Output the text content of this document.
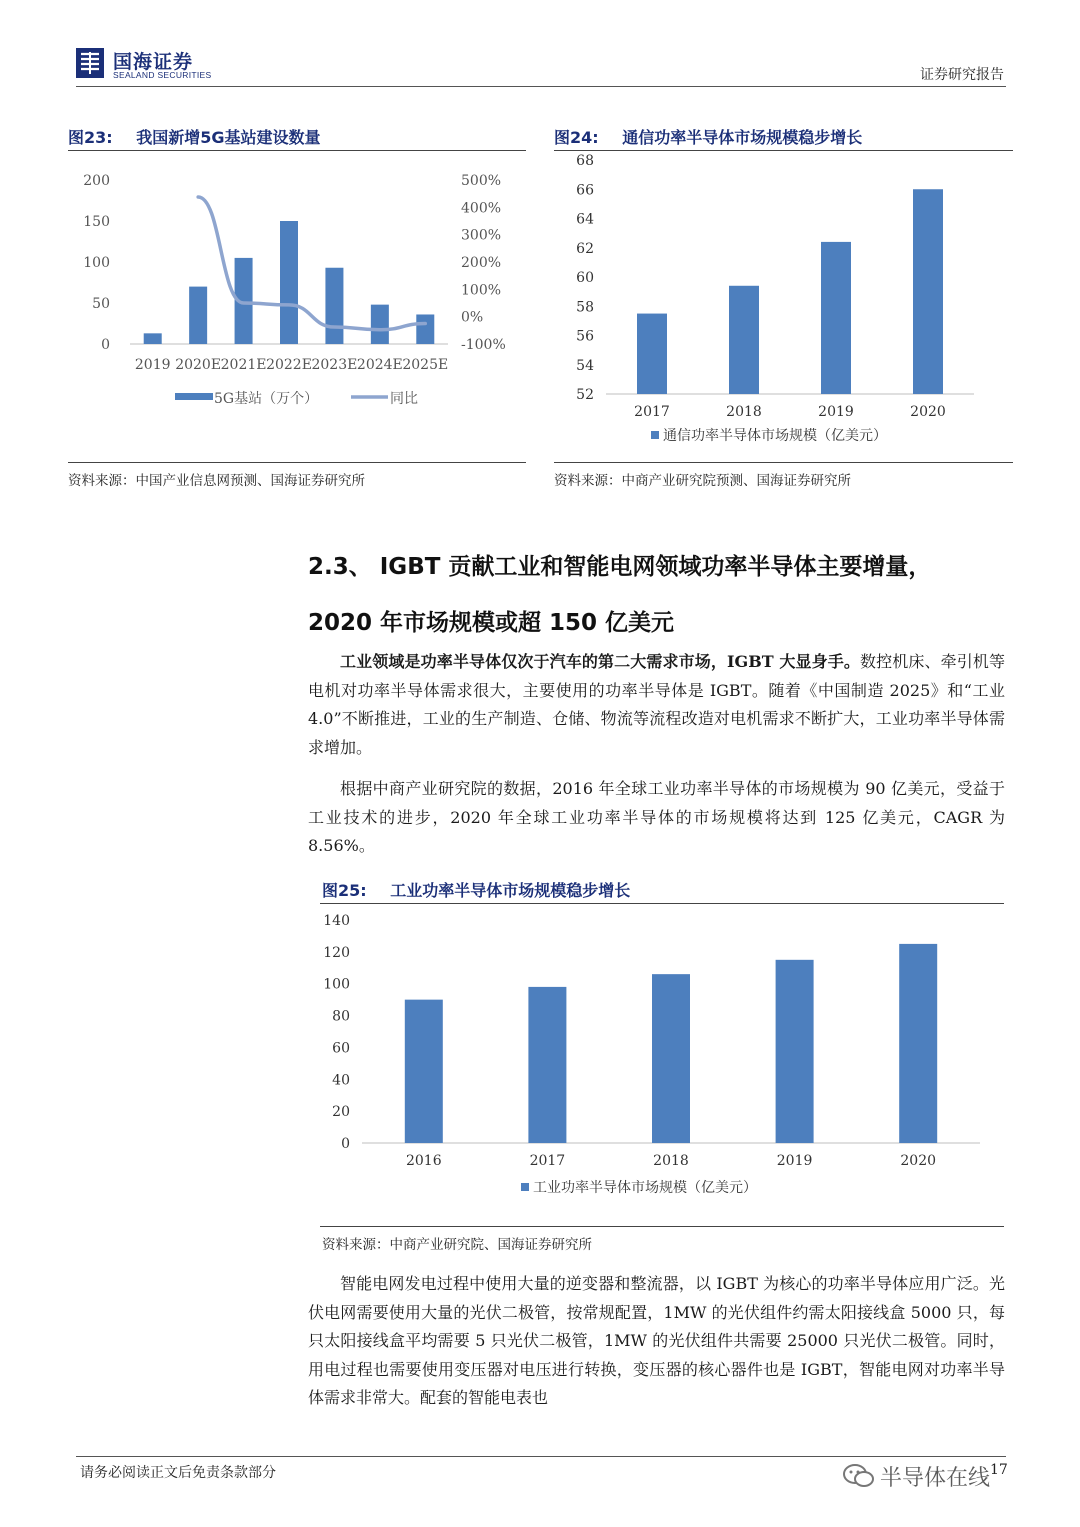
国海证券
SEALAND SECURITIES	证券研究报告
图23: 我国新增5G基站建设数量
0
50
100
150
200
-100%
0%
100%
200%
300%
400%
500%
2019 2020E 2021E 2022E 2023E 2024E 2025E
5G基站（万个）	同比
资料来源：中国产业信息网预测、国海证券研究所
图24: 通信功率半导体市场规模稳步增长
52
54
56
58
60
62
64
66
68
2017	2018	2019	2020
通信功率半导体市场规模（亿美元）
资料来源：中商产业研究院预测、国海证券研究所
2.3、 IGBT 贡献工业和智能电网领域功率半导体主要增量，
2020 年市场规模或超 150 亿美元

工业领域是功率半导体仅次于汽车的第二大需求市场，IGBT 大显身手。数控机床、牵引机等电机对功率半导体需求很大，主要使用的功率半导体是 IGBT。随着《中国制造 2025》和“工业 4.0”不断推进，工业的生产制造、仓储、物流等流程改造对电机需求不断扩大，工业功率半导体需求增加。

根据中商产业研究院的数据，2016 年全球工业功率半导体的市场规模为 90 亿美元，受益于工业技术的进步，2020 年全球工业功率半导体的市场规模将达到 125 亿美元，CAGR 为 8.56%。

图25: 工业功率半导体市场规模稳步增长
0
20
40
60
80
100
120
140
2016	2017	2018	2019	2020
工业功率半导体市场规模（亿美元）
资料来源：中商产业研究院、国海证券研究所

智能电网发电过程中使用大量的逆变器和整流器，以 IGBT 为核心的功率半导体应用广泛。光伏电网需要使用大量的光伏二极管，按常规配置，1MW 的光伏组件约需太阳接线盒 5000 只，每只太阳接线盒平均需要 5 只光伏二极管，1MW 的光伏组件共需要 25000 只光伏二极管。同时，用电过程也需要使用变压器对电压进行转换，变压器的核心器件也是 IGBT，智能电网对功率半导体需求非常大。配套的智能电表也

请务必阅读正文后免责条款部分	17
半导体在线
